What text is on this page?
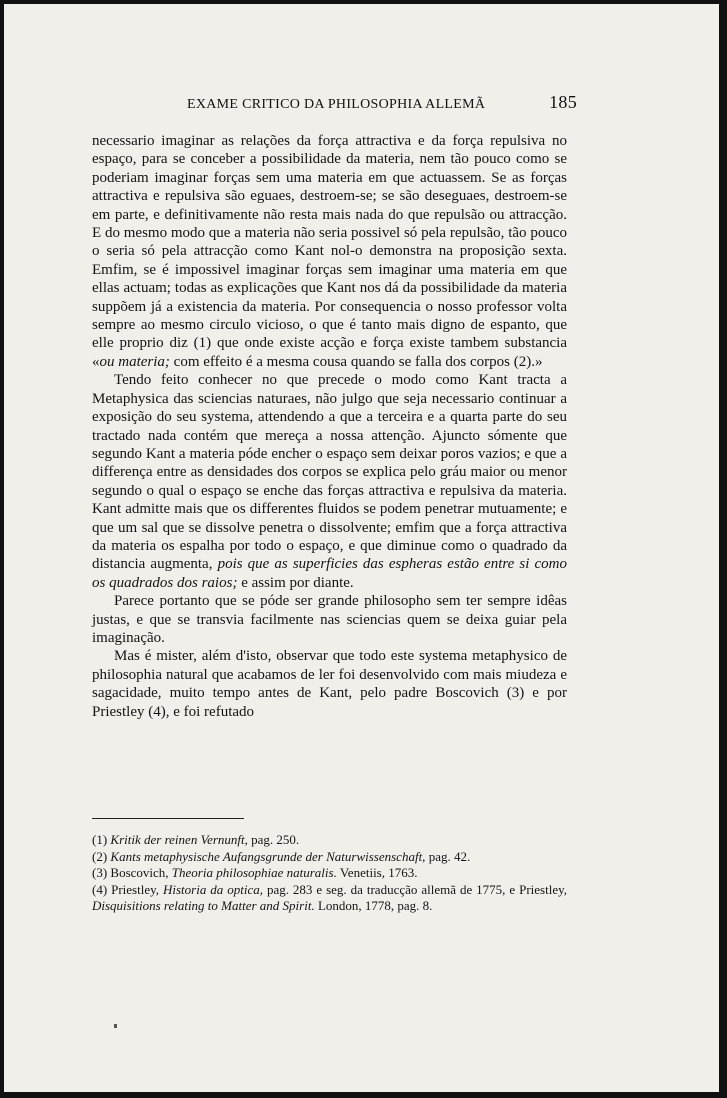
EXAME CRITICO DA PHILOSOPHIA ALLEMÃ	185

necessario imaginar as relações da força attractiva e da força repulsiva no espaço, para se conceber a possibilidade da materia, nem tão pouco como se poderiam imaginar forças sem uma materia em que actuassem. Se as forças attractiva e repulsiva são eguaes, destroem-se; se são deseguaes, destroem-se em parte, e definitivamente não resta mais nada do que repulsão ou attracção. E do mesmo modo que a materia não seria possivel só pela repulsão, tão pouco o seria só pela attracção como Kant nol-o demonstra na proposição sexta. Emfim, se é impossivel imaginar forças sem imaginar uma materia em que ellas actuam; todas as explicações que Kant nos dá da possibilidade da materia suppõem já a existencia da materia. Por consequencia o nosso professor volta sempre ao mesmo circulo vicioso, o que é tanto mais digno de espanto, que elle proprio diz (1) que onde existe acção e força existe tambem substancia «ou materia; com effeito é a mesma cousa quando se falla dos corpos (2).»

Tendo feito conhecer no que precede o modo como Kant tracta a Metaphysica das sciencias naturaes, não julgo que seja necessario continuar a exposição do seu systema, attendendo a que a terceira e a quarta parte do seu tractado nada contém que mereça a nossa attenção. Ajuncto sómente que segundo Kant a materia póde encher o espaço sem deixar poros vazios; e que a differença entre as densidades dos corpos se explica pelo gráu maior ou menor segundo o qual o espaço se enche das forças attractiva e repulsiva da materia. Kant admitte mais que os differentes fluidos se podem penetrar mutuamente; e que um sal que se dissolve penetra o dissolvente; emfim que a força attractiva da materia os espalha por todo o espaço, e que diminue como o quadrado da distancia augmenta, pois que as superficies das espheras estão entre si como os quadrados dos raios; e assim por diante.

Parece portanto que se póde ser grande philosopho sem ter sempre idêas justas, e que se transvia facilmente nas sciencias quem se deixa guiar pela imaginação.

Mas é mister, além d'isto, observar que todo este systema metaphysico de philosophia natural que acabamos de ler foi desenvolvido com mais miudeza e sagacidade, muito tempo antes de Kant, pelo padre Boscovich (3) e por Priestley (4), e foi refutado

(1) Kritik der reinen Vernunft, pag. 250.

(2) Kants metaphysische Aufangsgrunde der Naturwissenschaft, pag. 42.

(3) Boscovich, Theoria philosophiae naturalis. Venetiis, 1763.

(4) Priestley, Historia da optica, pag. 283 e seg. da traducção allemã de 1775, e Priestley, Disquisitions relating to Matter and Spirit. London, 1778, pag. 8.
